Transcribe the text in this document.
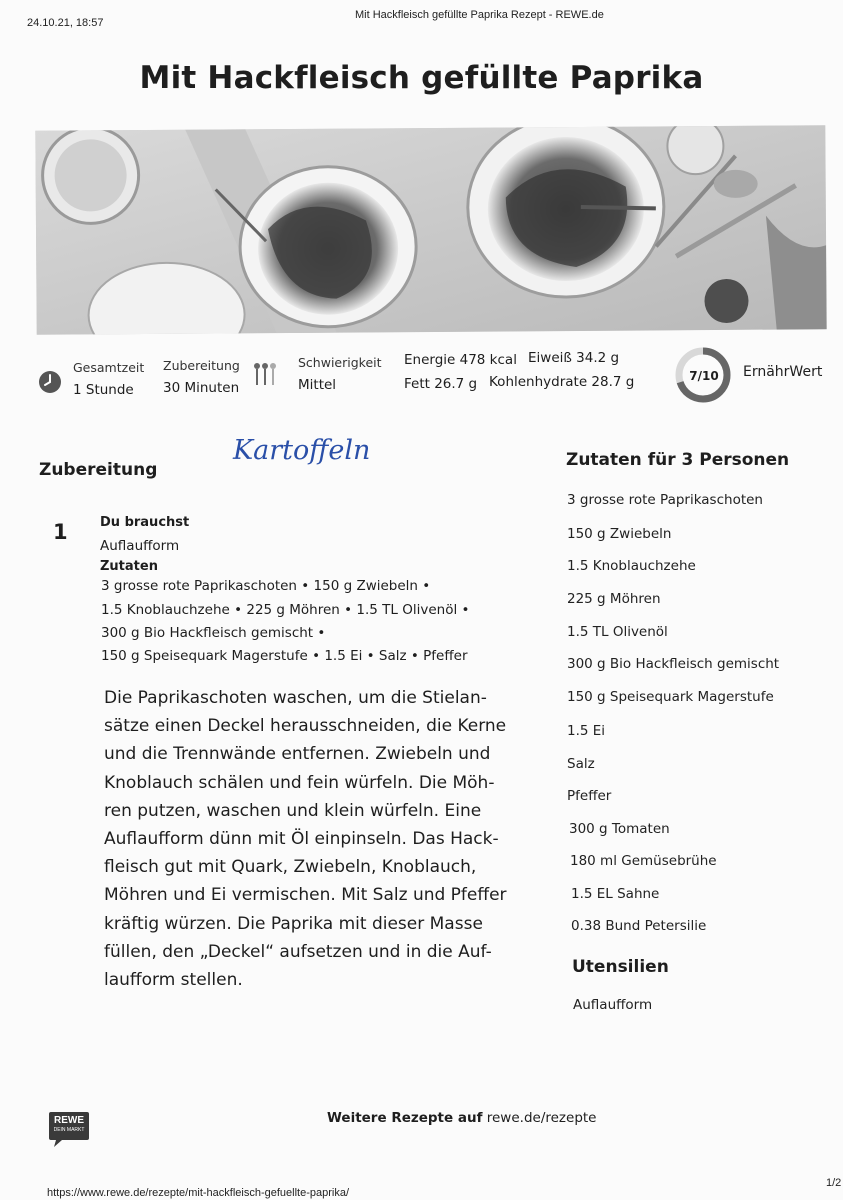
24.10.21, 18:57
Mit Hackfleisch gefüllte Paprika Rezept - REWE.de
Mit Hackfleisch gefüllte Paprika
Gesamtzeit
1 Stunde
Zubereitung
30 Minuten
Schwierigkeit
Mittel
Energie 478 kcal Eiweiß 34.2 g
Fett 26.7 g Kohlenhydrate 28.7 g	7/10	ErnährWert
Zubereitung
Kartoffeln
1 Du brauchst
Auflaufform
Zutaten
3 grosse rote Paprikaschoten • 150 g Zwiebeln •
1.5 Knoblauchzehe • 225 g Möhren • 1.5 TL Olivenöl •
300 g Bio Hackfleisch gemischt •
150 g Speisequark Magerstufe • 1.5 Ei • Salz • Pfeffer
Die Paprikaschoten waschen, um die Stielan-
sätze einen Deckel herausschneiden, die Kerne
und die Trennwände entfernen. Zwiebeln und
Knoblauch schälen und fein würfeln. Die Möh-
ren putzen, waschen und klein würfeln. Eine
Auflaufform dünn mit Öl einpinseln. Das Hack-
fleisch gut mit Quark, Zwiebeln, Knoblauch,
Möhren und Ei vermischen. Mit Salz und Pfeffer
kräftig würzen. Die Paprika mit dieser Masse
füllen, den „Deckel“ aufsetzen und in die Auf-
laufform stellen.
Zutaten für 3 Personen
3 grosse rote Paprikaschoten
150 g Zwiebeln
1.5 Knoblauchzehe
225 g Möhren
1.5 TL Olivenöl
300 g Bio Hackfleisch gemischt
150 g Speisequark Magerstufe
1.5 Ei
Salz
Pfeffer
300 g Tomaten
180 ml Gemüsebrühe
1.5 EL Sahne
0.38 Bund Petersilie
Utensilien
Auflaufform
REWE
DEIN MARKT
Weitere Rezepte auf rewe.de/rezepte
1/2
https://www.rewe.de/rezepte/mit-hackfleisch-gefuellte-paprika/
